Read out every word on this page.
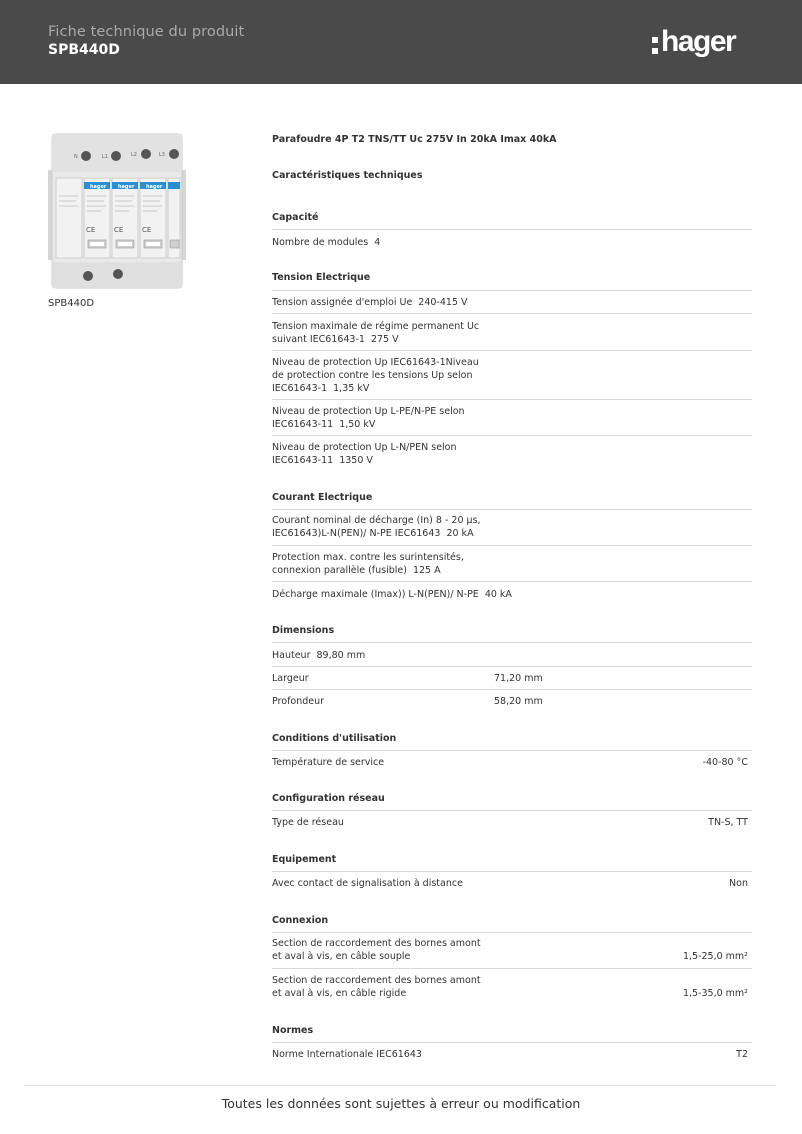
Fiche technique du produit
SPB440D	hager
N	L1	L2	L3
hager hager hager
CE	CE	CE
SPB440D
Parafoudre 4P T2 TNS/TT Uc 275V In 20kA Imax 40kA
Caractéristiques techniques
Capacité
Nombre de modules 4
Tension Electrique
Tension assignée d'emploi Ue 240-415 V
Tension maximale de régime permanent Uc
suivant IEC61643-1 275 V
Niveau de protection Up IEC61643-1Niveau
de protection contre les tensions Up selon
IEC61643-1 1,35 kV
Niveau de protection Up L-PE/N-PE selon
IEC61643-11 1,50 kV
Niveau de protection Up L-N/PEN selon
IEC61643-11 1350 V
Courant Electrique
Courant nominal de décharge (In) 8 - 20 µs,
IEC61643)L-N(PEN)/ N-PE IEC61643 20 kA
Protection max. contre les surintensités,
connexion parallèle (fusible) 125 A
Décharge maximale (Imax)) L-N(PEN)/ N-PE 40 kA
Dimensions
Hauteur 89,80 mm
Largeur	71,20 mm
Profondeur	58,20 mm
Conditions d'utilisation
Température de service	-40-80 °C
Configuration réseau
Type de réseau	TN-S, TT
Equipement
Avec contact de signalisation à distance	Non
Connexion
Section de raccordement des bornes amont
et aval à vis, en câble souple	1,5-25,0 mm²
Section de raccordement des bornes amont
et aval à vis, en câble rigide	1,5-35,0 mm²
Normes
Norme Internationale IEC61643	T2
Toutes les données sont sujettes à erreur ou modification
